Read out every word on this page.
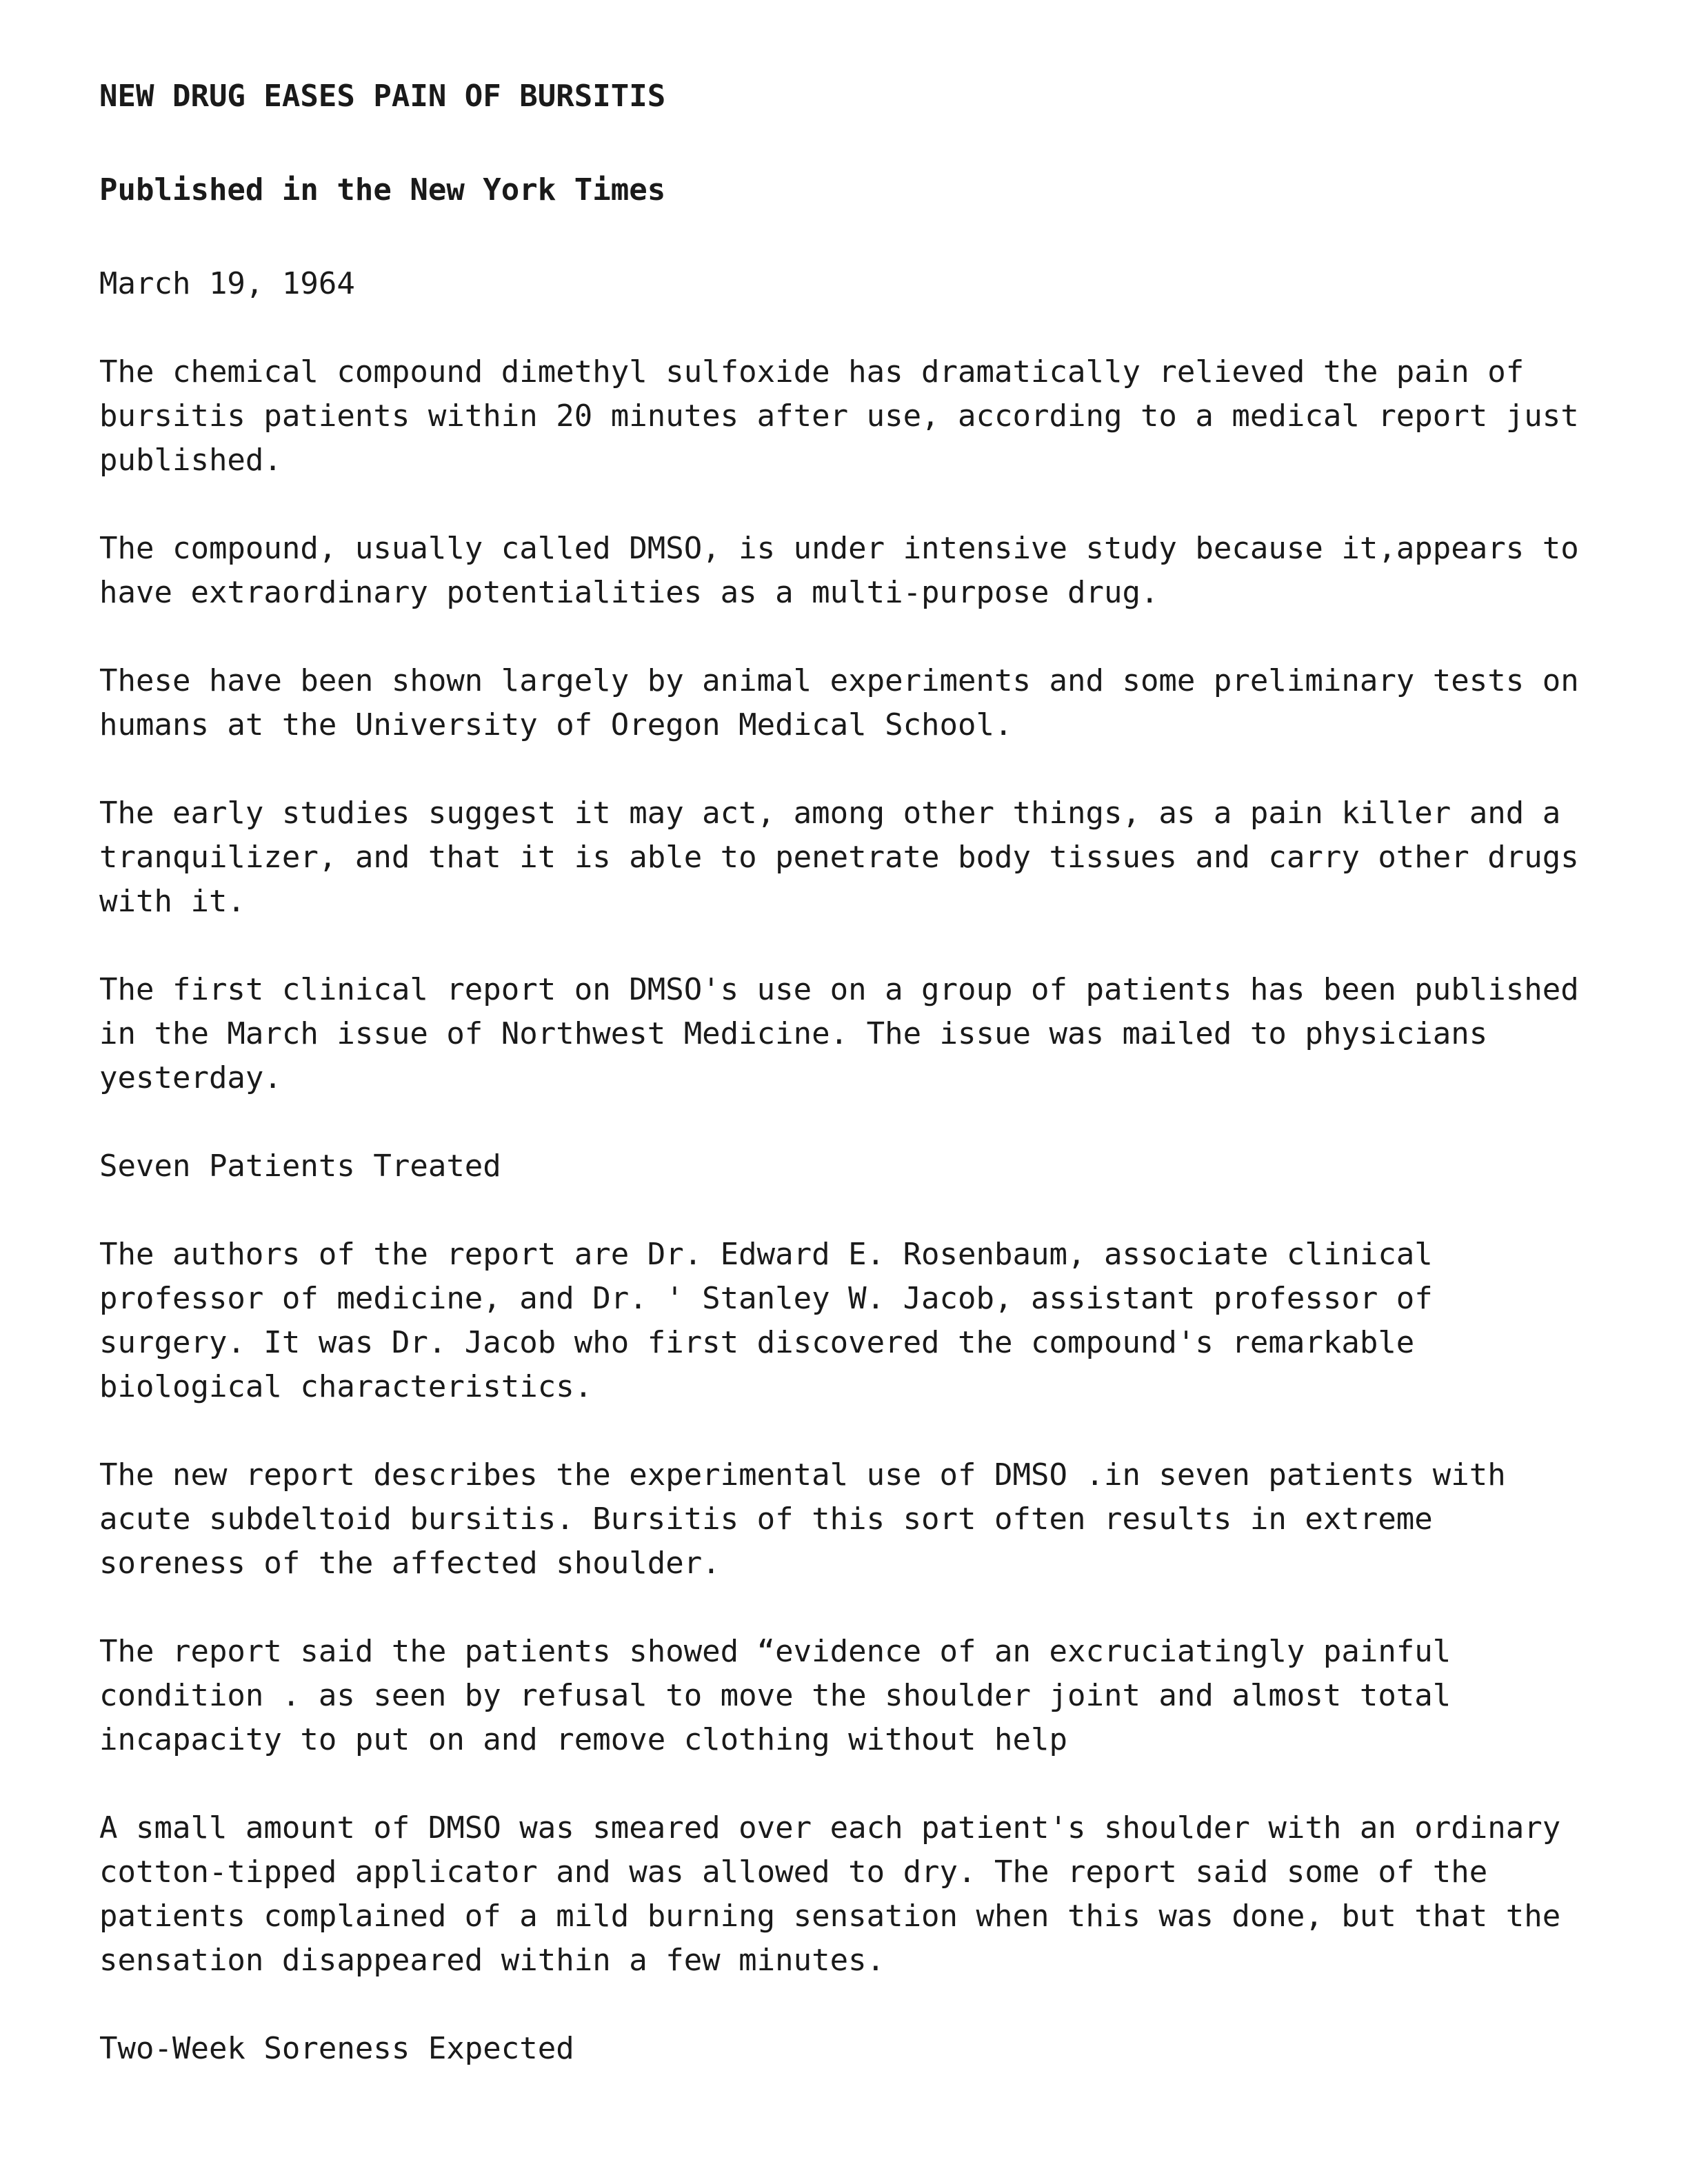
NEW DRUG EASES PAIN OF BURSITIS
Published in the New York Times

March 19, 1964

The chemical compound dimethyl sulfoxide has dramatically relieved the pain of
bursitis patients within 20 minutes after use, according to a medical report just
published.

The compound, usually called DMSO, is under intensive study because it,appears to
have extraordinary potentialities as a multi-purpose drug.

These have been shown largely by animal experiments and some preliminary tests on
humans at the University of Oregon Medical School.

The early studies suggest it may act, among other things, as a pain killer and a
tranquilizer, and that it is able to penetrate body tissues and carry other drugs
with it.

The first clinical report on DMSO's use on a group of patients has been published
in the March issue of Northwest Medicine. The issue was mailed to physicians
yesterday.

Seven Patients Treated

The authors of the report are Dr. Edward E. Rosenbaum, associate clinical
professor of medicine, and Dr. ' Stanley W. Jacob, assistant professor of
surgery. It was Dr. Jacob who first discovered the compound's remarkable
biological characteristics.

The new report describes the experimental use of DMSO .in seven patients with
acute subdeltoid bursitis. Bursitis of this sort often results in extreme
soreness of the affected shoulder.

The report said the patients showed “evidence of an excruciatingly painful
condition . as seen by refusal to move the shoulder joint and almost total
incapacity to put on and remove clothing without help

A small amount of DMSO was smeared over each patient's shoulder with an ordinary
cotton-tipped applicator and was allowed to dry. The report said some of the
patients complained of a mild burning sensation when this was done, but that the
sensation disappeared within a few minutes.

Two-Week Soreness Expected
